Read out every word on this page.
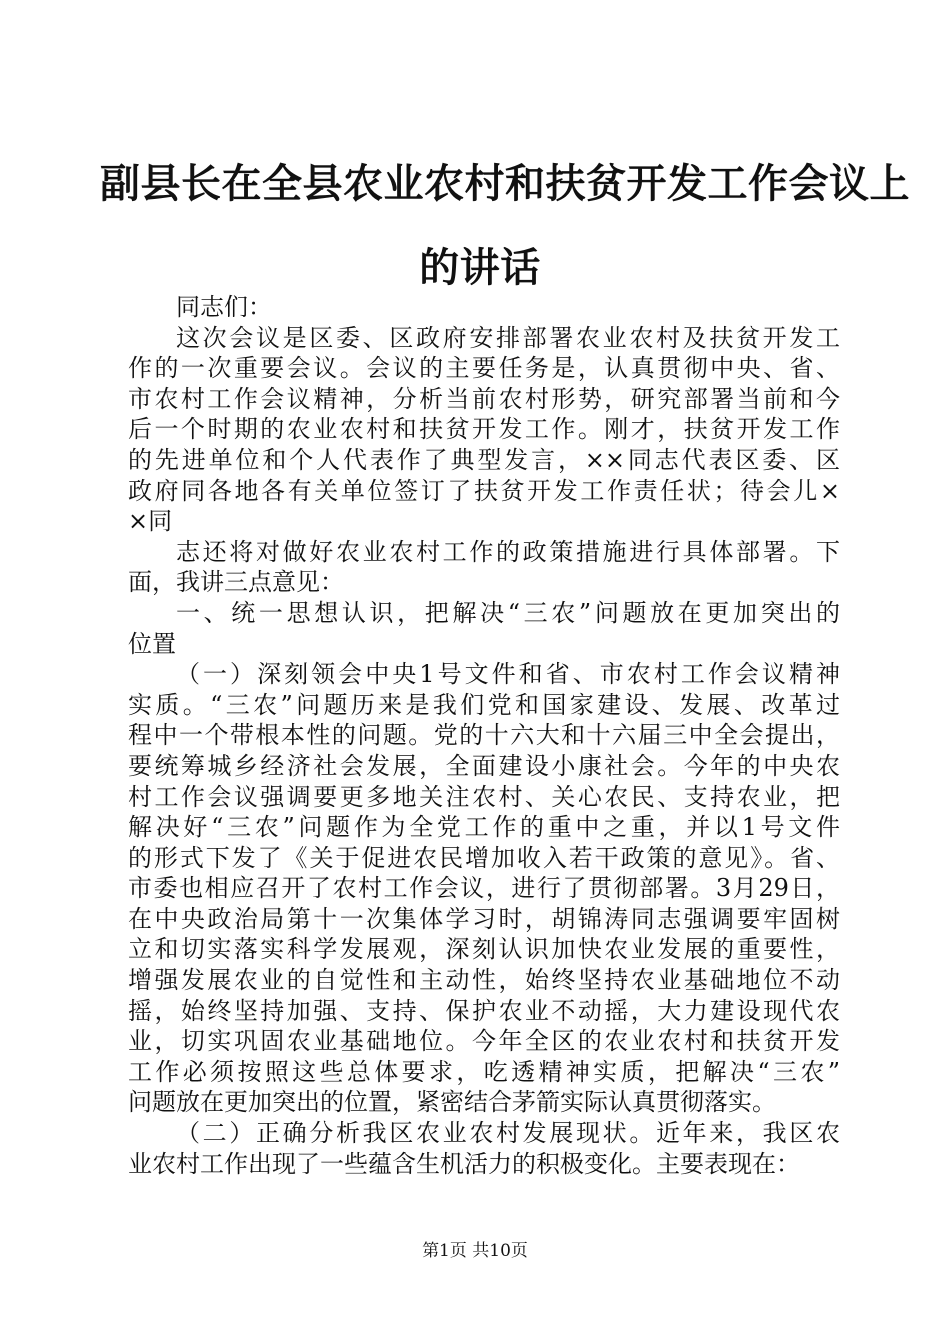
副县长在全县农业农村和扶贫开发工作会议上
的讲话
同志们：
这次会议是区委、区政府安排部署农业农村及扶贫开发工
作的一次重要会议。会议的主要任务是，认真贯彻中央、省、
市农村工作会议精神，分析当前农村形势，研究部署当前和今
后一个时期的农业农村和扶贫开发工作。刚才，扶贫开发工作
的先进单位和个人代表作了典型发言，××同志代表区委、区
政府同各地各有关单位签订了扶贫开发工作责任状；待会儿×
×同
志还将对做好农业农村工作的政策措施进行具体部署。下
面，我讲三点意见：
一、统一思想认识，把解决“三农”问题放在更加突出的
位置
（一）深刻领会中央1号文件和省、市农村工作会议精神
实质。“三农”问题历来是我们党和国家建设、发展、改革过
程中一个带根本性的问题。党的十六大和十六届三中全会提出，
要统筹城乡经济社会发展，全面建设小康社会。今年的中央农
村工作会议强调要更多地关注农村、关心农民、支持农业，把
解决好“三农”问题作为全党工作的重中之重，并以1号文件
的形式下发了《关于促进农民增加收入若干政策的意见》。省、
市委也相应召开了农村工作会议，进行了贯彻部署。3月29日，
在中央政治局第十一次集体学习时，胡锦涛同志强调要牢固树
立和切实落实科学发展观，深刻认识加快农业发展的重要性，
增强发展农业的自觉性和主动性，始终坚持农业基础地位不动
摇，始终坚持加强、支持、保护农业不动摇，大力建设现代农
业，切实巩固农业基础地位。今年全区的农业农村和扶贫开发
工作必须按照这些总体要求，吃透精神实质，把解决“三农”
问题放在更加突出的位置，紧密结合茅箭实际认真贯彻落实。
（二）正确分析我区农业农村发展现状。近年来，我区农
业农村工作出现了一些蕴含生机活力的积极变化。主要表现在：
第1页 共10页
